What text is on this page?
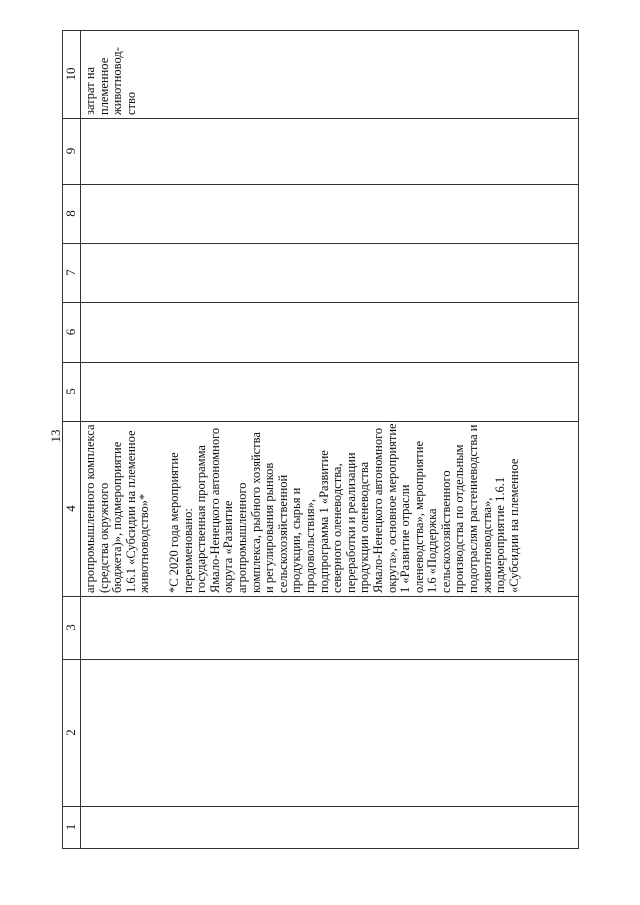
10
9
8
7
6
5
4
3
2
1
агропромышленного комплекса (средства окружного бюджета)», подмероприятие 1.6.1 «Субсидии на племенное животноводство»* *С 2020 года мероприятие переименовано: государственная программа Ямало-Ненецкого автономного округа «Развитие агропромышленного комплекса, рыбного хозяйства и регулирования рынков сельскохозяйственной продукции, сырья и продовольствия», подпрограмма 1 «Развитие северного оленеводства, переработки и реализации продукции оленеводства Ямало-Ненецкого автономного округа», основное мероприятие 1 «Развитие отрасли оленеводства», мероприятие 1.6 «Поддержка сельскохозяйственного производства по отдельным подотраслям растениеводства и животноводства», подмероприятие 1.6.1 «Субсидии на племенное
затрат на племенное животновод-ство
13
